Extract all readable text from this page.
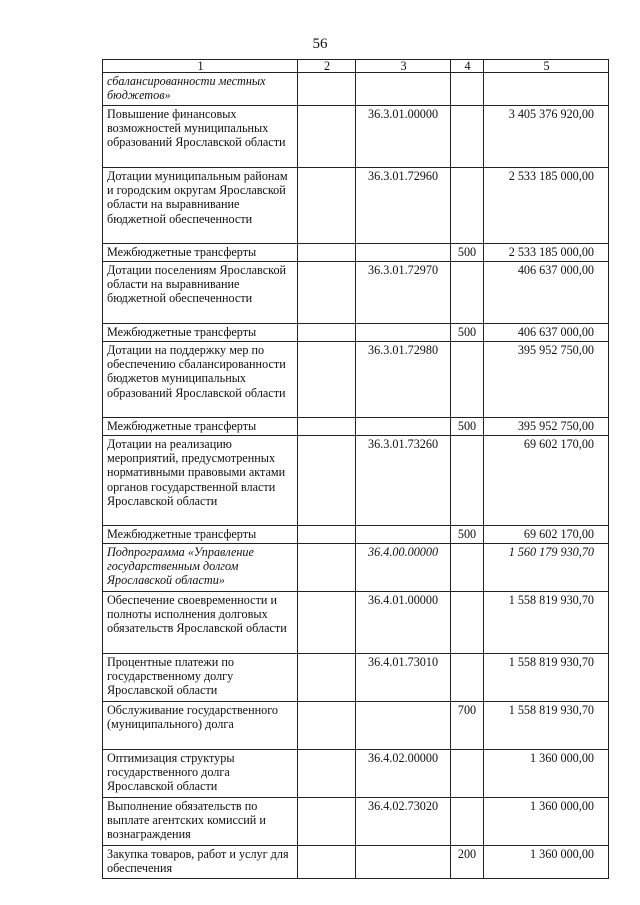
56
1	2	3	4	5
сбалансированности местных бюджетов»				
Повышение финансовых возможностей муниципальных образований Ярославской области		36.3.01.00000		3 405 376 920,00
Дотации муниципальным районам и городским округам Ярославской области на выравнивание бюджетной обеспеченности		36.3.01.72960		2 533 185 000,00
Межбюджетные трансферты			500	2 533 185 000,00
Дотации поселениям Ярославской области на выравнивание бюджетной обеспеченности		36.3.01.72970		406 637 000,00
Межбюджетные трансферты			500	406 637 000,00
Дотации на поддержку мер по обеспечению сбалансированности бюджетов муниципальных образований Ярославской области		36.3.01.72980		395 952 750,00
Межбюджетные трансферты			500	395 952 750,00
Дотации на реализацию мероприятий, предусмотренных нормативными правовыми актами органов государственной власти Ярославской области		36.3.01.73260		69 602 170,00
Межбюджетные трансферты			500	69 602 170,00
Подпрограмма «Управление государственным долгом Ярославской области»		36.4.00.00000		1 560 179 930,70
Обеспечение своевременности и полноты исполнения долговых обязательств Ярославской области		36.4.01.00000		1 558 819 930,70
Процентные платежи по государственному долгу Ярославской области		36.4.01.73010		1 558 819 930,70
Обслуживание государственного (муниципального) долга			700	1 558 819 930,70
Оптимизация структуры государственного долга Ярославской области		36.4.02.00000		1 360 000,00
Выполнение обязательств по выплате агентских комиссий и вознаграждения		36.4.02.73020		1 360 000,00
Закупка товаров, работ и услуг для обеспечения			200	1 360 000,00
